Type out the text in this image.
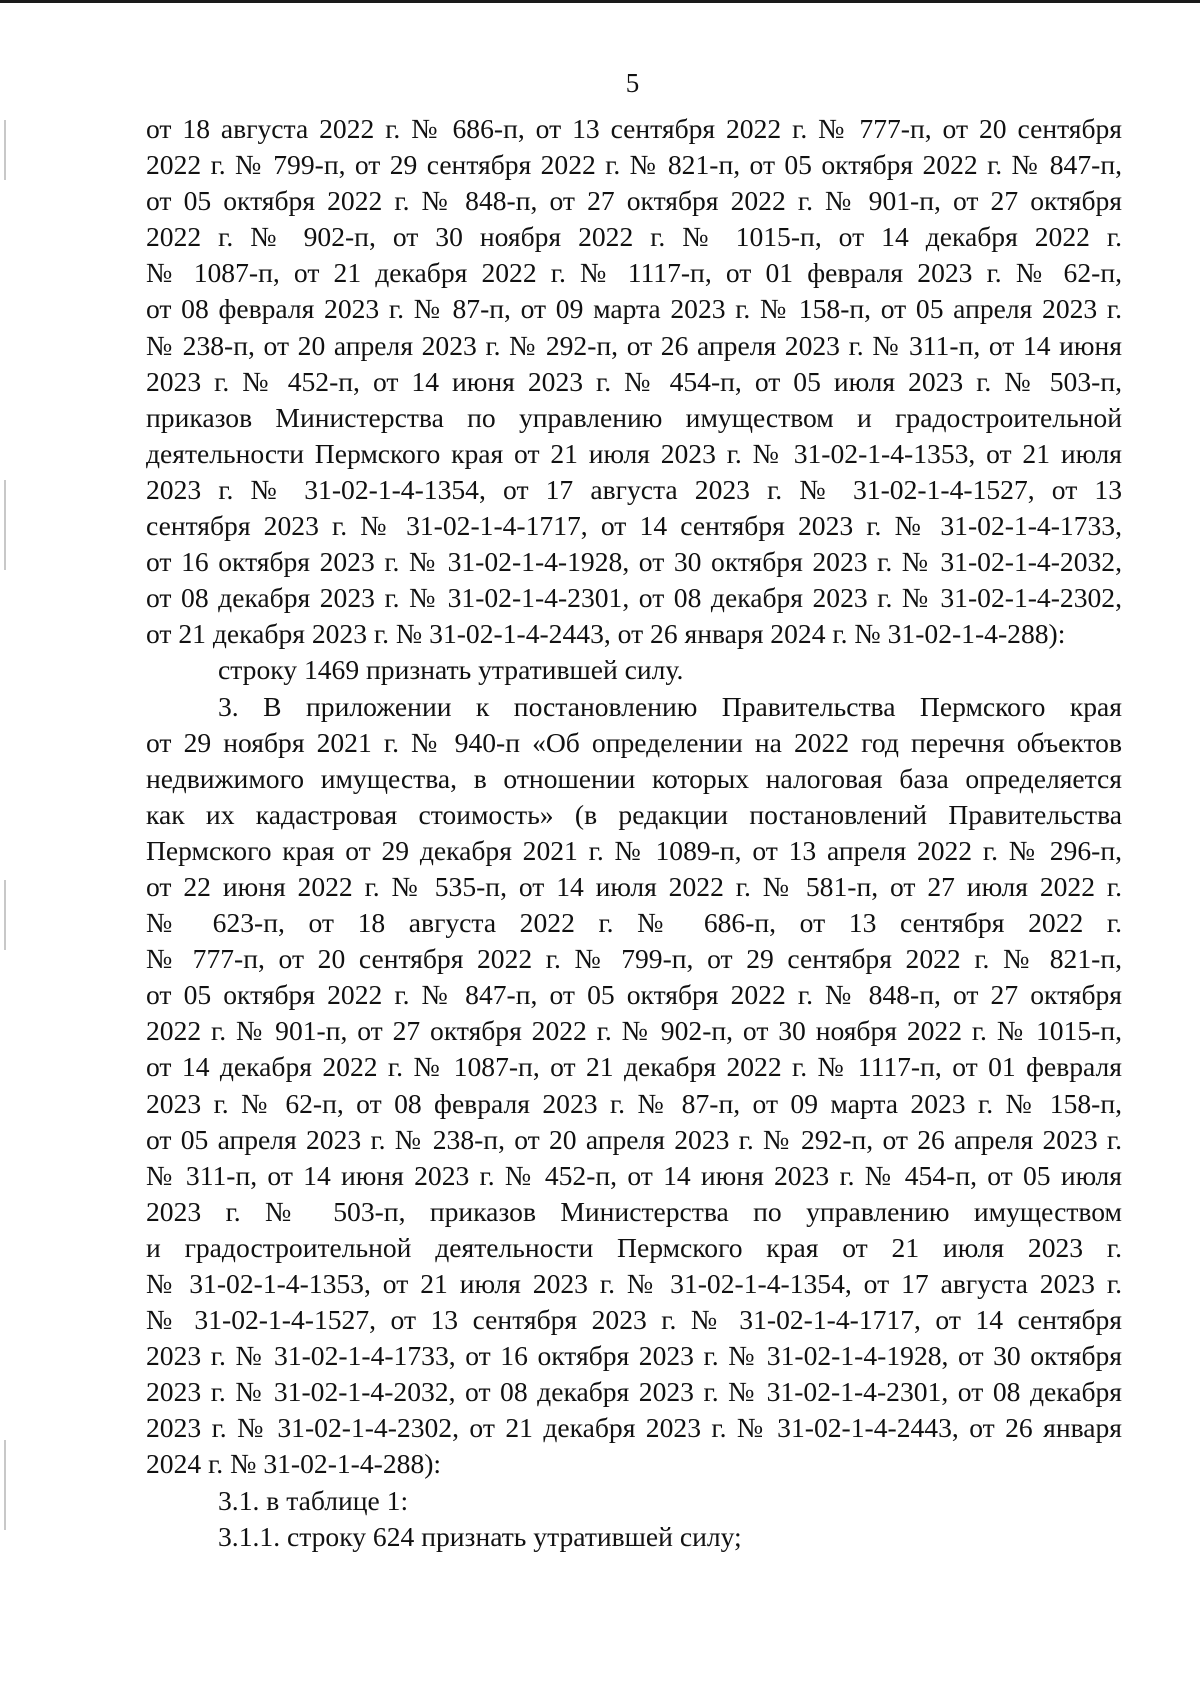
5

от 18 августа 2022 г. № 686-п, от 13 сентября 2022 г. № 777-п, от 20 сентября

2022 г. № 799-п, от 29 сентября 2022 г. № 821-п, от 05 октября 2022 г. № 847-п,

от 05 октября 2022 г. № 848-п, от 27 октября 2022 г. № 901-п, от 27 октября

2022 г. № 902-п, от 30 ноября 2022 г. № 1015-п, от 14 декабря 2022 г.

№ 1087-п, от 21 декабря 2022 г. № 1117-п, от 01 февраля 2023 г. № 62-п,

от 08 февраля 2023 г. № 87-п, от 09 марта 2023 г. № 158-п, от 05 апреля 2023 г.

№ 238-п, от 20 апреля 2023 г. № 292-п, от 26 апреля 2023 г. № 311-п, от 14 июня

2023 г. № 452-п, от 14 июня 2023 г. № 454-п, от 05 июля 2023 г. № 503-п,

приказов Министерства по управлению имуществом и градостроительной

деятельности Пермского края от 21 июля 2023 г. № 31-02-1-4-1353, от 21 июля

2023 г. № 31-02-1-4-1354, от 17 августа 2023 г. № 31-02-1-4-1527, от 13

сентября 2023 г. № 31-02-1-4-1717, от 14 сентября 2023 г. № 31-02-1-4-1733,

от 16 октября 2023 г. № 31-02-1-4-1928, от 30 октября 2023 г. № 31-02-1-4-2032,

от 08 декабря 2023 г. № 31-02-1-4-2301, от 08 декабря 2023 г. № 31-02-1-4-2302,

от 21 декабря 2023 г. № 31-02-1-4-2443, от 26 января 2024 г. № 31-02-1-4-288):

строку 1469 признать утратившей силу.

3. В приложении к постановлению Правительства Пермского края

от 29 ноября 2021 г. № 940-п «Об определении на 2022 год перечня объектов

недвижимого имущества, в отношении которых налоговая база определяется

как их кадастровая стоимость» (в редакции постановлений Правительства

Пермского края от 29 декабря 2021 г. № 1089-п, от 13 апреля 2022 г. № 296-п,

от 22 июня 2022 г. № 535-п, от 14 июля 2022 г. № 581-п, от 27 июля 2022 г.

№ 623-п, от 18 августа 2022 г. № 686-п, от 13 сентября 2022 г.

№ 777-п, от 20 сентября 2022 г. № 799-п, от 29 сентября 2022 г. № 821-п,

от 05 октября 2022 г. № 847-п, от 05 октября 2022 г. № 848-п, от 27 октября

2022 г. № 901-п, от 27 октября 2022 г. № 902-п, от 30 ноября 2022 г. № 1015-п,

от 14 декабря 2022 г. № 1087-п, от 21 декабря 2022 г. № 1117-п, от 01 февраля

2023 г. № 62-п, от 08 февраля 2023 г. № 87-п, от 09 марта 2023 г. № 158-п,

от 05 апреля 2023 г. № 238-п, от 20 апреля 2023 г. № 292-п, от 26 апреля 2023 г.

№ 311-п, от 14 июня 2023 г. № 452-п, от 14 июня 2023 г. № 454-п, от 05 июля

2023 г. № 503-п, приказов Министерства по управлению имуществом

и градостроительной деятельности Пермского края от 21 июля 2023 г.

№ 31-02-1-4-1353, от 21 июля 2023 г. № 31-02-1-4-1354, от 17 августа 2023 г.

№ 31-02-1-4-1527, от 13 сентября 2023 г. № 31-02-1-4-1717, от 14 сентября

2023 г. № 31-02-1-4-1733, от 16 октября 2023 г. № 31-02-1-4-1928, от 30 октября

2023 г. № 31-02-1-4-2032, от 08 декабря 2023 г. № 31-02-1-4-2301, от 08 декабря

2023 г. № 31-02-1-4-2302, от 21 декабря 2023 г. № 31-02-1-4-2443, от 26 января

2024 г. № 31-02-1-4-288):

3.1. в таблице 1:

3.1.1. строку 624 признать утратившей силу;
